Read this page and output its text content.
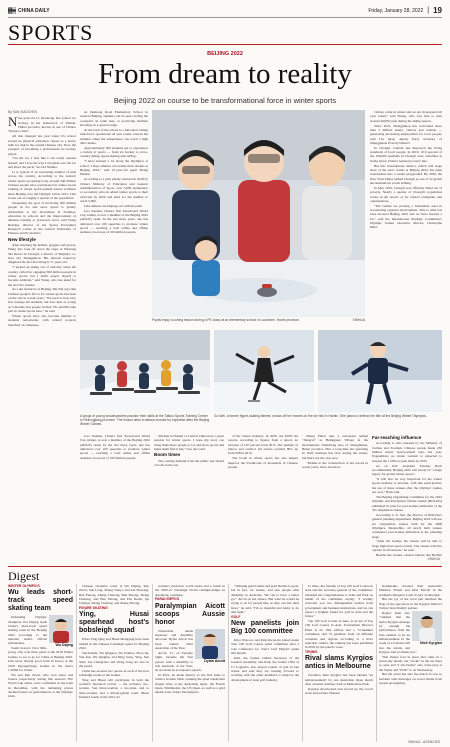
中國日報 CHINA DAILY	Friday, January 28, 2022 | 19
SPORTS
BEIJING 2022
From dream to reality
Beijing 2022 on course to be transformational force in winter sports
By SUN XIAOCHEN
N ine-year-old Li Xiaohong had joined ice hockey in her hometown of Wuhan, Hubei province, known as one of China's "furnace cities".

All that changed last year when Li's school started its physical education classes at a newly built ice rink in the central Chinese city. Now, the prospect of becoming a professional ice hockey player.

"On the ice, I feel like I can really express myself, and I love the way I can glide over the ice and shoot the puck," he told Xinhua.

Li is typical of an increasing number of kids across the country. According to the nation's winter sports governing body, around 346 million Chinese people have participated in winter sports training or winter sports-related leisure activities since Beijing won the Olympic bid in 2015. That works out as roughly a quarter of the population.

Surpassing the goal of involving 300 million people in ice and snow sports is greatly attributable to the investment in facilities, education in schools and the improvement of amateur training at grassroots level, said Wang Ruiying, director of the Sports Economics Research Center at the Central University of Finance and Economics.

New lifestyle

After listening his helmet, goggles and gloves, Wang Jiao took off down the slope at Wanlong Ski Resort in Chongli, a district of Beijing's co-host city Zhangjiakou. His smooth trajectory disguised the fact that Wang is 71 years old.

"I picked up skiing out of curiosity when the country called for engaging 300 million people in winter sports, but I didn't expect myself to become addicted," said Wang, who has skied for the last five winters.

As a ski instructor at Beijing, Ma Wei says that Chinese people's fervor for winter sports has been on the rise in recent years. "We used to host very few teenage ski students, but now kids as young as 3 months and people in their 70s and 80s take part in winter sports here," he said.

Winter sports have also become familiar to students nationwide, with related projects launched on campuses.

At Dazhong Road Elementary School in western Beijing, students can be seen circling the courtyard on roller skis, or practicing biathlon shooting on a special range.

At the back of the school is a full-sized curling rink that is operational all year round, even in the summer when the temperature can reach a high 40s Celsius.

Approximately 300 students get to experience a variety of sports — from ice hockey to cross-country skiing, speed skating and curling.

"I have learned a lot about the Olympics at school. I hope athletes can realize their dreams at Beijing 2022," said 10-year-old pupil Zhang Mushu.

According to a plan jointly released in 2018 by China's Ministry of Education and General Administration of Sport, over 5,000 elementary or secondary schools added winter sports to their curricula by 2020 and aims for the number to reach 5,000.

Like athletes are helping out with the push.

Gao Xuehan, China's first Snowboard World Cup winner, is now a member of the Beijing 2022 publicity team. In the last three years, she has delivered over 100 speeches to promote winter sports — reaching a total online and offline audience in excess of 100 million people.

Pupils enjoy a curling lesson during a PE class at an elementary school in Luanchen, Hubei province.	XINHUA

visitors come in winter and we are ill-prepared all year round," said Zhang, who was able to earn around 40,000 yuan during the skiing season.

Since 2016, Zhangjiakou has welcomed more than 3 million skiers, visitors and tourists — generating increasing employment for local people, said Liu Qian, deputy Party secretary of Zhangjiakou Poverty District.

In Chongli, tourism has improved the living standards of local people. In 2019, 10.6 percent of the 160,000 residents in Chongli were classified as living below China's national poverty line.

But this mountainous district, which will stage most of the snow events at Beijing 2022, has been transformed into a winter playground. By 2020, the New York Times named Chongli as one of 52 global ski destinations worth visiting.

In May 2019, Chongli was officially lifted out of poverty. Nearly a quarter of Chongli's population works in ski resorts or for related companies and organizations.

"The Games are proving a formidable asset in accelerating regional development. This is what has been boosted Beijing 2022 and we have learned a lot," said the International Olympic Committee's Olympic Games executive director, Christophe Dubi.

A group of young snowboarders practice their skills at the Taikoo Sports Training Center in Heilongjiang province. The lesson aims to attract recruits for expertise after the Beijing Winter Games.
Gu Wei, a former figure-skating athlete, shows off her moves on the ice rink in Harbin. She plans to defend her title at the Beijing Winter Olympics.

Gao Xuehan, China's first Snowboard World Cup winner, is now a member of the Beijing 2022 publicity team. In the last three years, she has delivered over 100 speeches to promote winter sports — reaching a total online and offline audience in excess of 100 million people.

children in Nanshi or Central China have a great passion for winter sports. I hope my story can bring them more people to ice and snow sports and make them find it fun," Gao also said.

Boom times

The soaring demand from the public has fueled a boom in the rest

of the winter industry. In 2020, the 8,000 ski resorts, according to figures from a report, an increase of 107 percent from 2015. The number of indoor and outdoor ski resorts reached 803, up from 568 in 2015.

The boom in winter sports has also helped improve the livelihoods of thousands of Chinese people.

Zhang Fubai runs a restaurant named "Jiangcai" in Humaguan Village in the mountainous Taizicheng area of Zhangjiakou, Hebei province. He's a long-time ski operating in 1918, business has slow during the winter, but that's not the case now.

"Thanks to the construction of ski resorts in recent years, more and more

Far-reaching influence

According to data released by the Ministry of Culture and Tourism, Chinese people made 230 million winter sports-related trips last year. Expenditure on winter tourism is expected to surpass the 1 trillion yuan mark by 2025.

As an IOC president Thomas Bach recommended, Beijing 2022 will surely be "a huge legacy for global winter sports".

"It will also be very important for the winter sports industry to become, with this participation, the use of these venues after the Olympic Games are over," Bach said.

The Beijing Organizing Committee for the 2022 Olympic and Paralympic Winter Games (BOCOG) published its plan for post-Games utilization of the 39 competition venues.

According to Li Sen, the director of BOCOG's general planning department, Beijing 2022 will use six competition venues built for the 2008 Olympics. Meanwhile, all newly built venues considered post-Games utilization at the planning stage.

"After the Games, the venues will be able to stage high-level sports events. The venues will also operate in all seasons," he said.

Besides the venues, experts believe that Beijing

XINHUA
Digest
WINTER OLYMPICS
Wu leads short-track speed skating team
Wu Dajing

Defending Olympic champion Wu Dajing leads China's short-track speed skating team in the Beijing 2022 according to the national team's official information.

South Korea's Choi Min-jeong, who won three golds at the 2018 Winter Games, is set to go for China at Beijing 2022. Lim never having good form in Korea at the 2018 PyeongChang Games in the men's 1,500m for China.

Wu and Ren Ziwei, who won silver and bronze respectively during this season's ISU World Cup series, were confirmed as the team in December, with the remaining places decided based on performances at the Olympic trials.

Chinese 10-skater roster is Wu Dajing, Ren Ziwei, Sun Long, Zhang Tianyi, and Liu Shaoang; Ban Yutong, Zhang Chutong, Han Yutong, Zhang Chutong, and Han Yutong, and Fan Kexin, Qu Chunyu, Zhang Chutong, and Zhang Yutong.

FIGURE SKATING
Ying, Husai spearhead host's bobsleigh squad

Pilots Ying Qing and Husai Mengqing have been named in the Chinese bobsleigh squad for Beijing 2022.

Sun Kaizhi, Wu Qinghao, Wu Jianhao, Zhou Jie, Sun Kai, Wu Qinghao and Ding Song, Ying, Sun Yuxi, Liu Chengchao and Wang Song are also in the squad.

China has secured two quotas in each of the four bobsleigh events at the Games.

Ying and Husai will participate in both the women's monobob events — the women's two-woman, Sun three-woman, a two-man, and to three-woman, and a mixed-gender team. Husai finished fourth in the 2021-22

women's monobob world series and a fourth in the 2020-21 bobsleigh World Championships in Altenberg, Germany.

PARALYMPICS
Paralympian Aicott scoops Aussie honor
Dylan Alcott

Wheelchair tennis superstar and disability advocate Dylan Alcott has been named 2022 Australian of the Year.

Alcott, 31, on Tuesday night, became the first person with a disability to win Australia of the Year, an accolade an acceptance speech.

In 2021, he made history as the first male to claim a Golden Slam, winning the quad wheelchair singles titles at the Australian Open, the French Open, Wimbledon, the US Open, as well as a gold medal at the Tokyo Paralympics.

"Winning grand slams and gold medals is great, but in fact, for Aussie, and also people with disability in Australia, 'We can to have a better go,'" Alcott on his chance. But what he would be trying to do for people like, so they can live their lives," he said. "I'm so thankful and lucky to do that right."

GOLF
New panelists join Big 100 committee

Kiyo Won-soo and Park Kwon-jin joined Asian Tour 100 Golf Course panel committee after a vote conference for Tour's Golf Digest's panel this month.

Kim, the former United Secretary of the General Assembly, and Park, the former CEO of CJ Logistics, also played rounds of golf in late winter and said they are looking forward to working with the other members to improve the development of Asia golf industry.

Li Zhao, the founder of Top 100 Golf Course in Asia and the secretary-general of the committee, extended his congratulations to Kim and Park on behalf of the committee saying: "I warmly welcome you two distinguished leaders from government and business institutions, and we can expect a brighter future for golf in Asia and the future."

Top 100 Golf Course in Asia, is an list of Top 100 Golf Course in Asia. Tournament Director Ellen is its 16th edition and a 72-member committee, and 72 panelists from 19 different countries and regions according to a strict selection criteria, the ranking has been published in 2020 by the panel's votes.

TENNIS
Rival slams Kyrgios antics in Melbourne

Sweden's Tenn Kyrgios has been labeled "an embarrassment" by one Australian Open match after a heated doubles clash at Melbourne Park.

Kyrgios showboated and revved up the crowd as he and partner Thanasi

Kokkinakis downed their Australia's Matthew Ebden and Max Purcell in the stadium's Margaret Court rivalry on Monday.

But the joy of the local pair matched the flags of the spectators in the Kyrgios Mirror's Twitter Ivan Dodig's partner.

Nick Kyrgios

Rajeev Ram also "claimed that the antics Kyrgios manage by enough his performance from the fans seemed to be an embarrassment in the week of a ball that fell into the stands, and Kyrgios said no thank you."

That makes four in place that came in a seven-day match, ran "stroke" in the net there so said, and "I am Tennis" also come play at the Venus and "FOX" to on Wednesday.

But the event has also the match in was so incident with messages on social media from people apologizing.

XINHUA - AGENCIES
